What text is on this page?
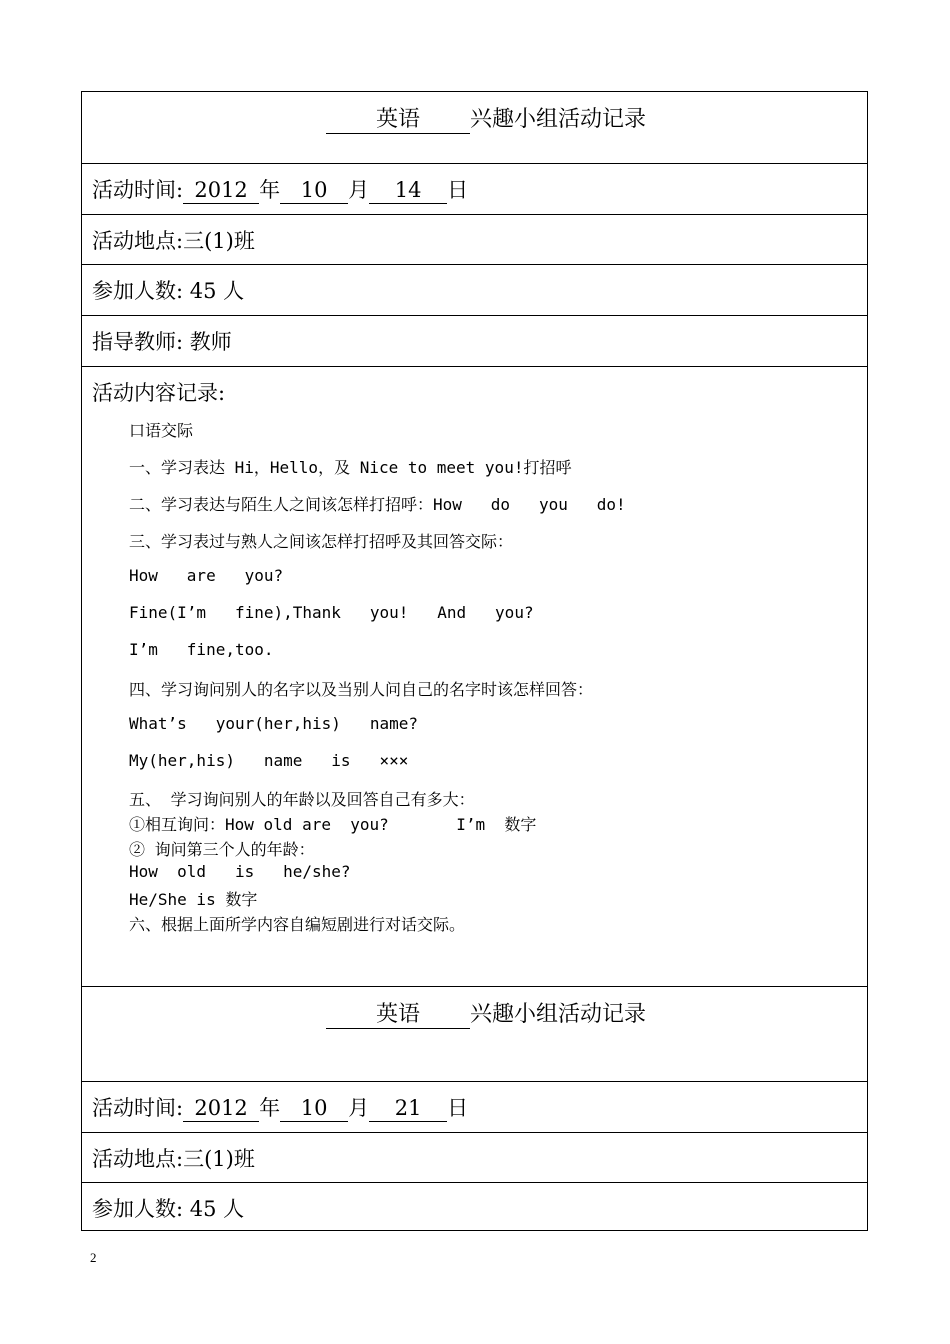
英语 兴趣小组活动记录
活动时间: 2012 年 10 月 14 日
活动地点:三(1)班
参加人数: 45 人
指导教师: 教师
活动内容记录:
口语交际
一、学习表达 Hi，Hello，及 Nice to meet you!打招呼
二、学习表达与陌生人之间该怎样打招呼：How   do   you   do!
三、学习表过与熟人之间该怎样打招呼及其回答交际：
How   are   you?
Fine(I’m   fine),Thank   you!   And   you?
I’m   fine,too.
四、学习询问别人的名字以及当别人问自己的名字时该怎样回答：
What’s   your(her,his)   name?
My(her,his)   name   is   ×××
五、 学习询问别人的年龄以及回答自己有多大：
①相互询问：How old are  you?       I’m  数字
② 询问第三个人的年龄：
How  old   is   he/she?
He/She is 数字
六、根据上面所学内容自编短剧进行对话交际。
英语 兴趣小组活动记录
活动时间: 2012 年 10 月 21 日
活动地点:三(1)班
参加人数: 45 人
2
